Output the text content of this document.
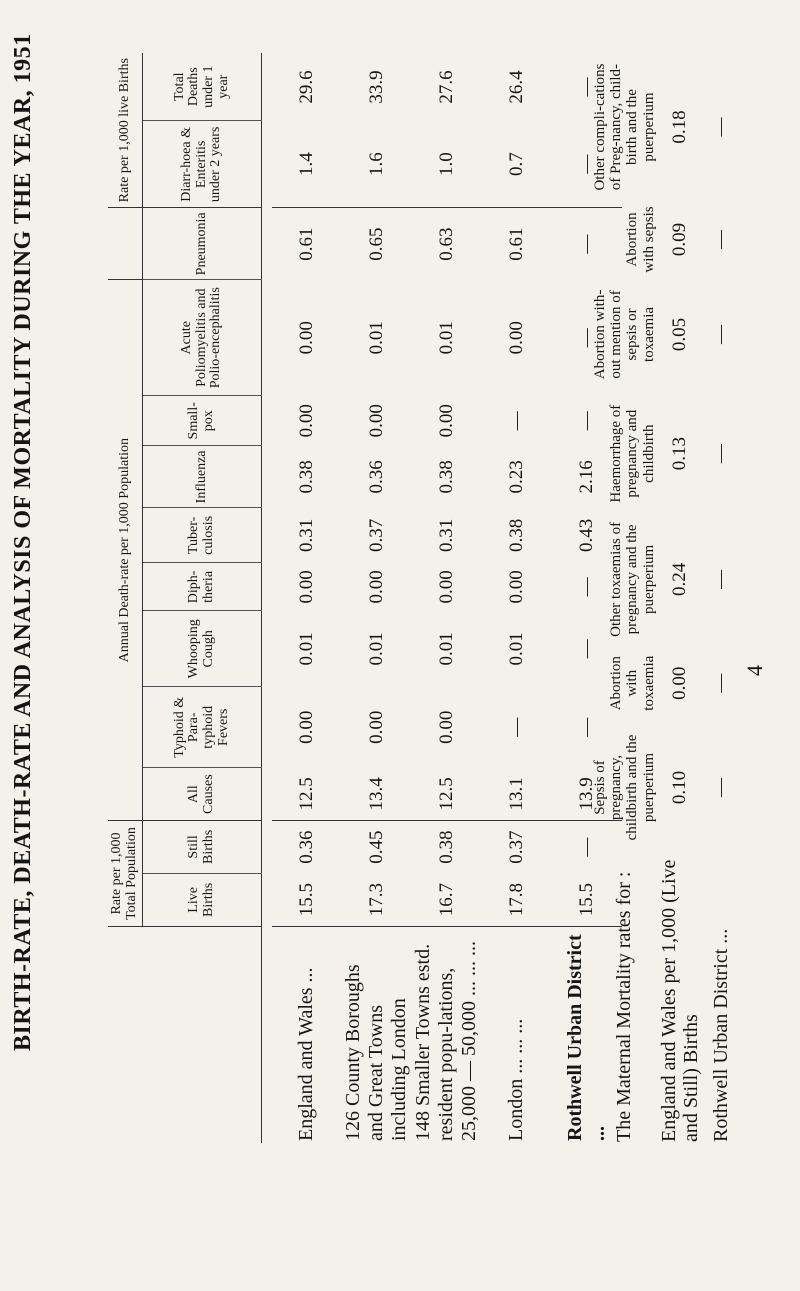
BIRTH-RATE, DEATH-RATE AND ANALYSIS OF MORTALITY DURING THE YEAR, 1951
		Rate per 1,000 Total Population		Annual Death-rate per 1,000 Population									Rate per 1,000 live Births	
	Live Births	Still Births	All Causes	Typhoid & Para-typhoid Fevers	Whooping Cough	Diph-theria	Tuber-culosis	Influenza	Small-pox	Acute Poliomyelitis and Polio-encephalitis	Pneumonia	Diarr-hoea & Enteritis under 2 years	Total Deaths under 1 year

England and Wales ...	15.5	0.36	12.5	0.00	0.01	0.00	0.31	0.38	0.00	0.00	0.61	1.4	29.6
126 County Boroughs and Great Towns including London	17.3	0.45	13.4	0.00	0.01	0.00	0.37	0.36	0.00	0.01	0.65	1.6	33.9
148 Smaller Towns estd. resident popu-lations, 25,000 — 50,000 ... ... ...	16.7	0.38	12.5	0.00	0.01	0.00	0.31	0.38	0.00	0.01	0.63	1.0	27.6
London ... ... ...	17.8	0.37	13.1	—	0.01	0.00	0.38	0.23	—	0.00	0.61	0.7	26.4
Rothwell Urban District ...	15.5	—	13.9	—	—	—	0.43	2.16	—	—	—	—	—
The Maternal Mortality rates for :	Sepsis of pregnancy, childbirth and the puerperium	Abortion with toxaemia	Other toxaemias of pregnancy and the puerperium	Haemorrhage of pregnancy and childbirth	Abortion with-out mention of sepsis or toxaemia	Abortion with sepsis	Other compli-cations of Preg-nancy, child-birth and the puerperium
England and Wales per 1,000 (Live and Still) Births	0.10	0.00	0.24	0.13	0.05	0.09	0.18
Rothwell Urban District ...	—	—	—	—	—	—	—
4
